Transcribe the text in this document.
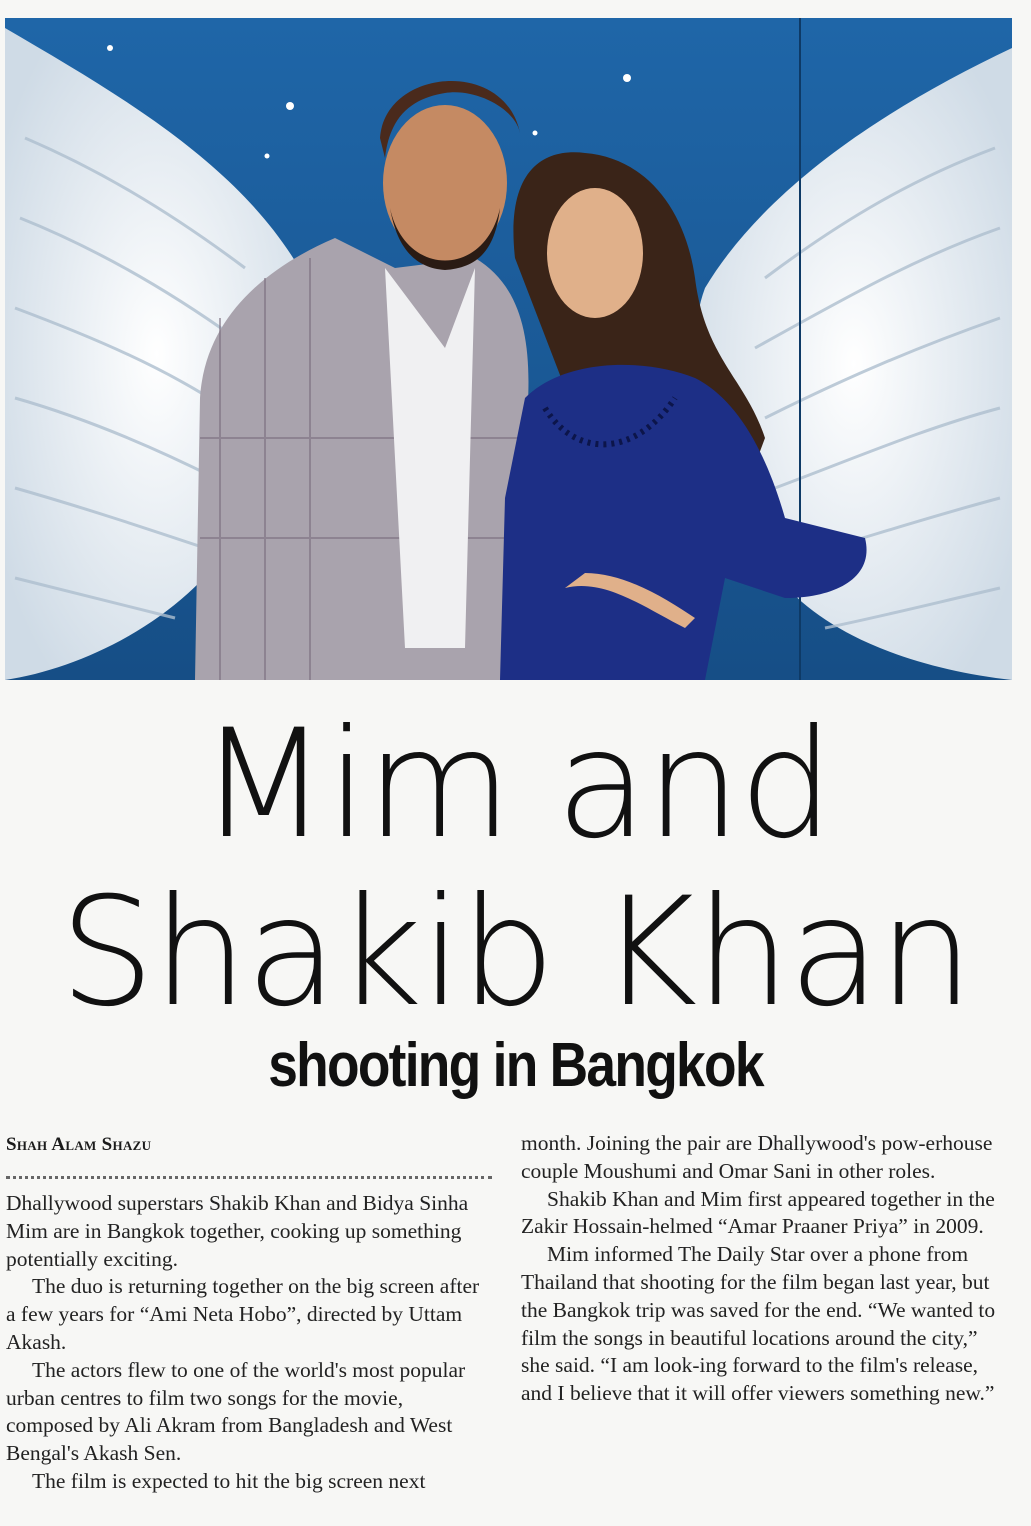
Mim and
Shakib Khan
shooting in Bangkok
Shah Alam Shazu

Dhallywood superstars Shakib Khan and Bidya Sinha Mim are in Bangkok together, cooking up something potentially exciting.

The duo is returning together on the big screen after a few years for “Ami Neta Hobo”, directed by Uttam Akash.

The actors flew to one of the world's most popular urban centres to film two songs for the movie, composed by Ali Akram from Bangladesh and West Bengal's Akash Sen.

The film is expected to hit the big screen next

month. Joining the pair are Dhallywood's pow-erhouse couple Moushumi and Omar Sani in other roles.

Shakib Khan and Mim first appeared together in the Zakir Hossain-helmed “Amar Praaner Priya” in 2009.

Mim informed The Daily Star over a phone from Thailand that shooting for the film began last year, but the Bangkok trip was saved for the end. “We wanted to film the songs in beautiful locations around the city,” she said. “I am look-ing forward to the film's release, and I believe that it will offer viewers something new.”
